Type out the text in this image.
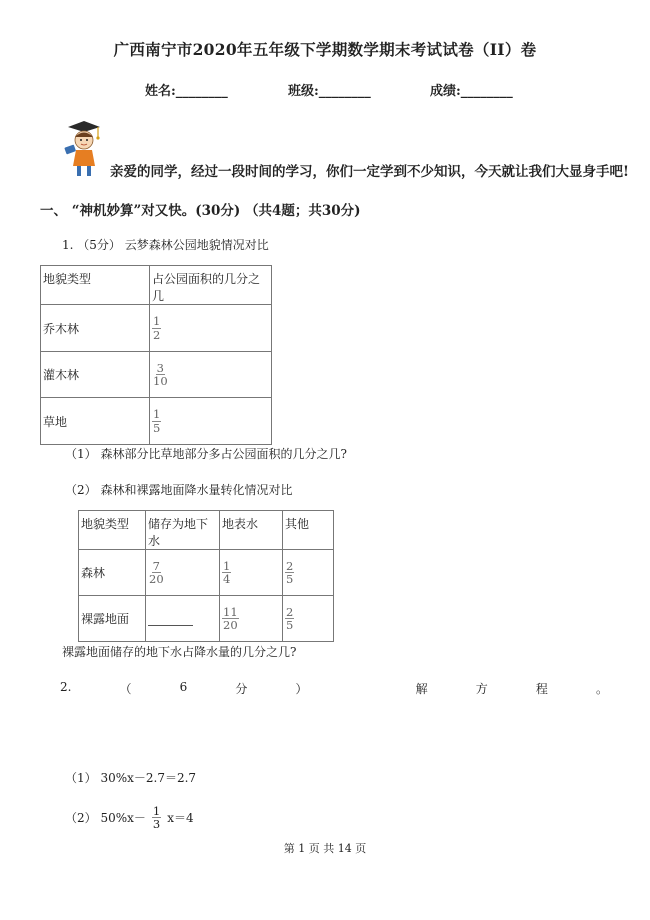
广西南宁市2020年五年级下学期数学期末考试试卷（II）卷
姓名:________	班级:________	成绩:________
亲爱的同学，经过一段时间的学习，你们一定学到不少知识，今天就让我们大显身手吧!
一、 “神机妙算”对又快。(30分) （共4题；共30分)
1. （5分） 云梦森林公园地貌情况对比
地貌类型	占公园面积的几分之几
乔木林	$\frac{1}{2}$

灌木林	$\frac{3}{10}$

草地	$\frac{1}{5}$
（1） 森林部分比草地部分多占公园面积的几分之几?
（2） 森林和裸露地面降水量转化情况对比
地貌类型	储存为地下水	地表水	其他
森林	$\frac{7}{20}$	$\frac{1}{4}$	$\frac{2}{5}$

裸露地面		$\frac{11}{20}$	$\frac{2}{5}$
裸露地面储存的地下水占降水量的几分之几?
2.	（	6	分	）	解	方	程	。
（1） 30%x－2.7＝2.7
（2） $50\%x- \frac{1}{3} x=4$
第 1 页 共 14 页
